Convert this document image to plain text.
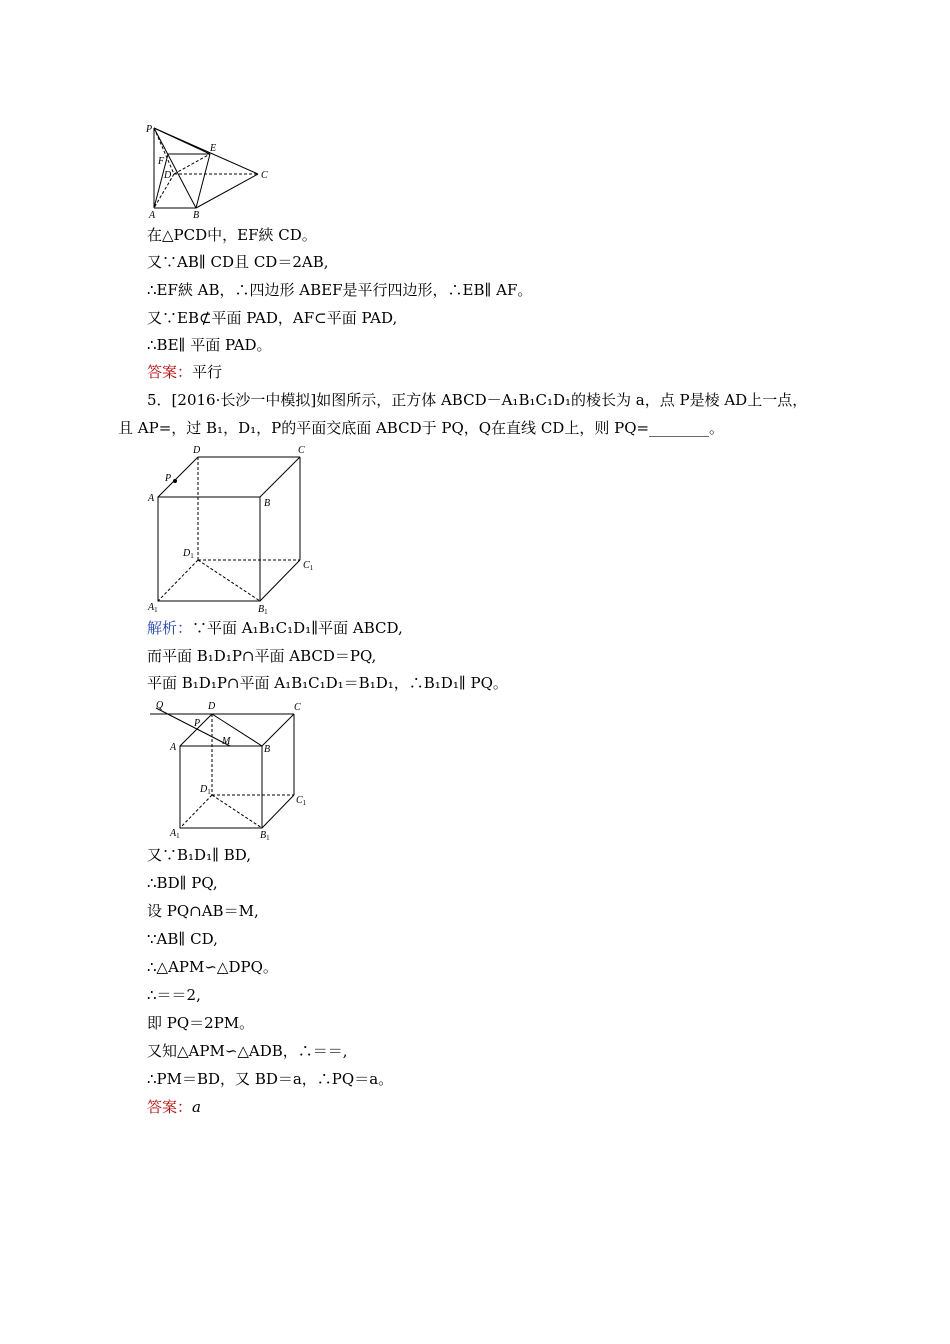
P
E
F
D	C
A	B
在△PCD中，EF綊 CD。
又∵AB∥ CD且 CD＝2AB,
∴EF綊 AB，∴四边形 ABEF是平行四边形，∴EB∥ AF。
又∵EB⊄平面 PAD，AF⊂平面 PAD,
∴BE∥ 平面 PAD。
答案：平行
5．[2016·长沙一中模拟]如图所示，正方体 ABCD－A₁B₁C₁D₁的棱长为 a，点 P是棱 AD上一点，
且 AP=，过 B₁，D₁，P的平面交底面 ABCD于 PQ，Q在直线 CD上，则 PQ=________。
D	C
P
A	B
$D_1$
$C_1$
$A_1$	$B_1$
解析：∵平面 A₁B₁C₁D₁∥平面 ABCD,
而平面 B₁D₁P∩平面 ABCD＝PQ,
平面 B₁D₁P∩平面 A₁B₁C₁D₁＝B₁D₁，∴B₁D₁∥ PQ。
Q	D	C
P
M
A	B
$D_1$
$C_1$
$A_1$	$B_1$
又∵B₁D₁∥ BD,
∴BD∥ PQ,
设 PQ∩AB＝M,
∵AB∥ CD,
∴△APM∽△DPQ。
∴＝＝2,
即 PQ＝2PM。
又知△APM∽△ADB，∴＝＝,
∴PM＝BD，又 BD＝a，∴PQ＝a。
答案：a
